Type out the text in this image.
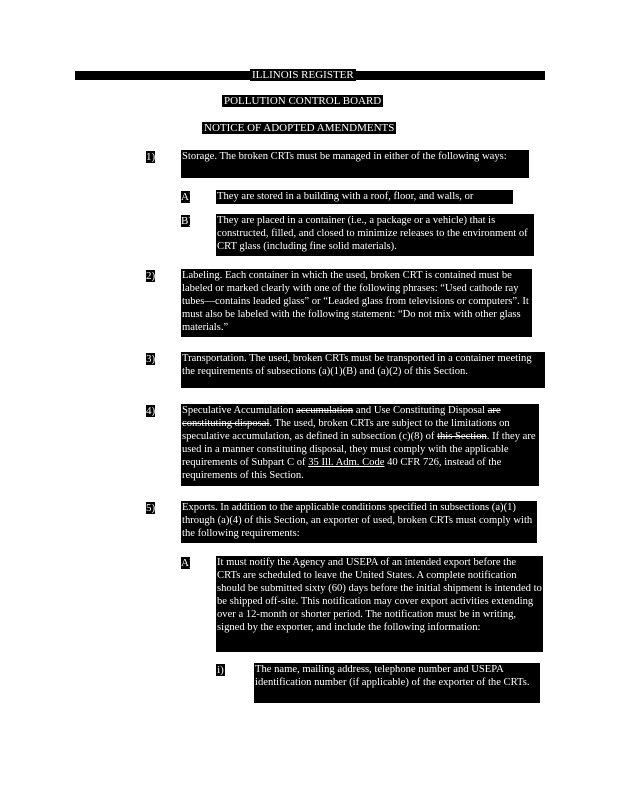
ILLINOIS REGISTER
POLLUTION CONTROL BOARD
NOTICE OF ADOPTED AMENDMENTS
1)	Storage. The broken CRTs must be managed in either of the following ways:
A) They are stored in a building with a roof, floor, and walls, or
B) They are placed in a container (i.e., a package or a vehicle) that is constructed, filled, and closed to minimize releases to the environment of CRT glass (including fine solid materials).
2)	Labeling. Each container in which the used, broken CRT is contained must be labeled or marked clearly with one of the following phrases: “Used cathode ray tubes—contains leaded glass” or “Leaded glass from televisions or computers”. It must also be labeled with the following statement: “Do not mix with other glass materials.”
3)	Transportation. The used, broken CRTs must be transported in a container meeting the requirements of subsections (a)(1)(B) and (a)(2) of this Section.
4)	Speculative Accumulation accumulation and Use Constituting Disposal are constituting disposal. The used, broken CRTs are subject to the limitations on speculative accumulation, as defined in subsection (c)(8) of this Section. If they are used in a manner constituting disposal, they must comply with the applicable requirements of Subpart C of 35 Ill. Adm. Code 40 CFR 726, instead of the requirements of this Section.
5)	Exports. In addition to the applicable conditions specified in subsections (a)(1) through (a)(4) of this Section, an exporter of used, broken CRTs must comply with the following requirements:
A) It must notify the Agency and USEPA of an intended export before the CRTs are scheduled to leave the United States. A complete notification should be submitted sixty (60) days before the initial shipment is intended to be shipped off-site. This notification may cover export activities extending over a 12-month or shorter period. The notification must be in writing, signed by the exporter, and include the following information:
i)	The name, mailing address, telephone number and USEPA identification number (if applicable) of the exporter of the CRTs.
